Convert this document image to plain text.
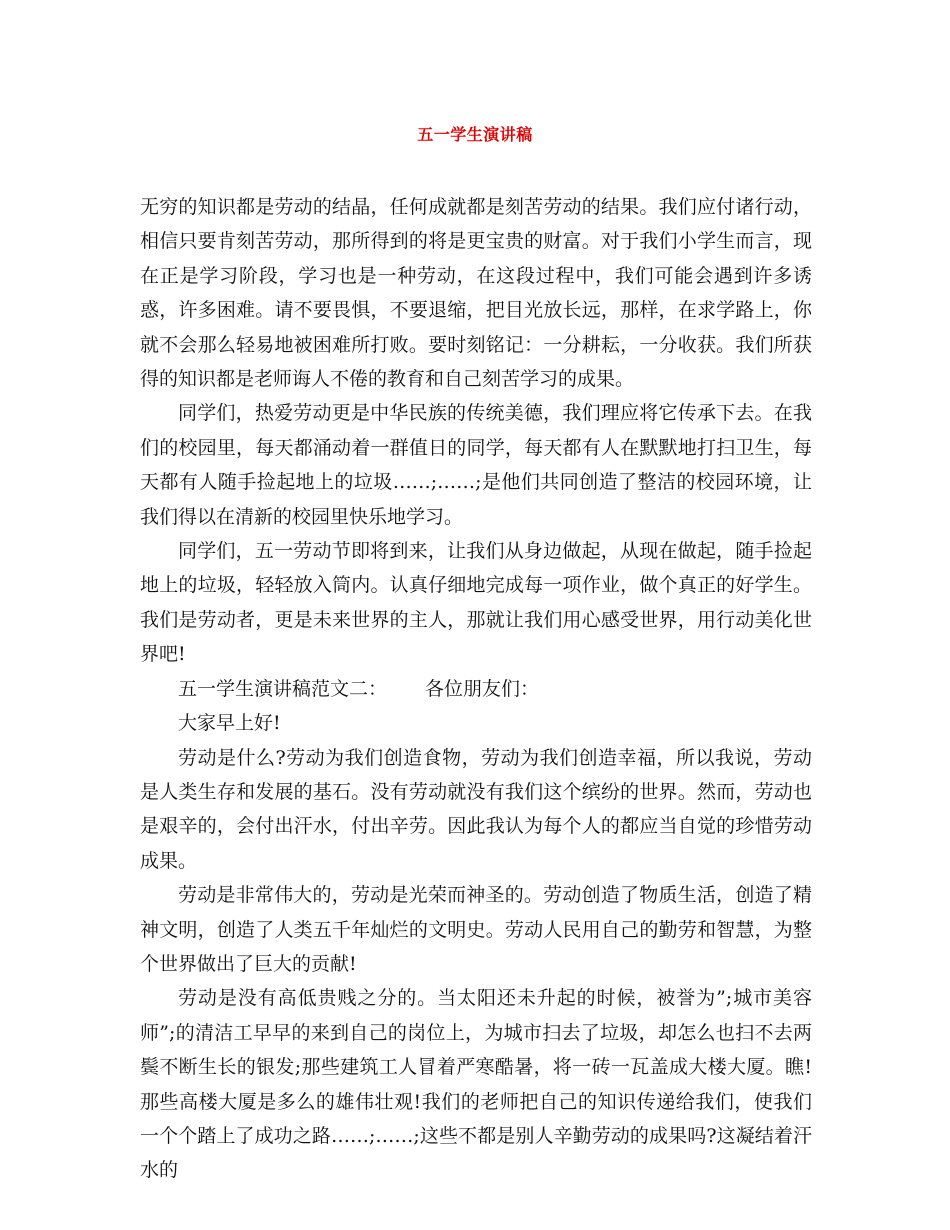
五一学生演讲稿

无穷的知识都是劳动的结晶，任何成就都是刻苦劳动的结果。我们应付诸行动，相信只要肯刻苦劳动，那所得到的将是更宝贵的财富。对于我们小学生而言，现在正是学习阶段，学习也是一种劳动，在这段过程中，我们可能会遇到许多诱惑，许多困难。请不要畏惧，不要退缩，把目光放长远，那样，在求学路上，你就不会那么轻易地被困难所打败。要时刻铭记：一分耕耘，一分收获。我们所获得的知识都是老师诲人不倦的教育和自己刻苦学习的成果。

同学们，热爱劳动更是中华民族的传统美德，我们理应将它传承下去。在我们的校园里，每天都涌动着一群值日的同学，每天都有人在默默地打扫卫生，每天都有人随手捡起地上的垃圾……;……;是他们共同创造了整洁的校园环境，让我们得以在清新的校园里快乐地学习。

同学们，五一劳动节即将到来，让我们从身边做起，从现在做起，随手捡起地上的垃圾，轻轻放入筒内。认真仔细地完成每一项作业，做个真正的好学生。我们是劳动者，更是未来世界的主人，那就让我们用心感受世界，用行动美化世界吧!

五一学生演讲稿范文二： 各位朋友们：

大家早上好!

劳动是什么?劳动为我们创造食物，劳动为我们创造幸福，所以我说，劳动是人类生存和发展的基石。没有劳动就没有我们这个缤纷的世界。然而，劳动也是艰辛的，会付出汗水，付出辛劳。因此我认为每个人的都应当自觉的珍惜劳动成果。

劳动是非常伟大的，劳动是光荣而神圣的。劳动创造了物质生活，创造了精神文明，创造了人类五千年灿烂的文明史。劳动人民用自己的勤劳和智慧，为整个世界做出了巨大的贡献!

劳动是没有高低贵贱之分的。当太阳还未升起的时候，被誉为”;城市美容师”;的清洁工早早的来到自己的岗位上，为城市扫去了垃圾，却怎么也扫不去两鬓不断生长的银发;那些建筑工人冒着严寒酷暑，将一砖一瓦盖成大楼大厦。瞧!那些高楼大厦是多么的雄伟壮观!我们的老师把自己的知识传递给我们，使我们一个个踏上了成功之路……;……;这些不都是别人辛勤劳动的成果吗?这凝结着汗水的
